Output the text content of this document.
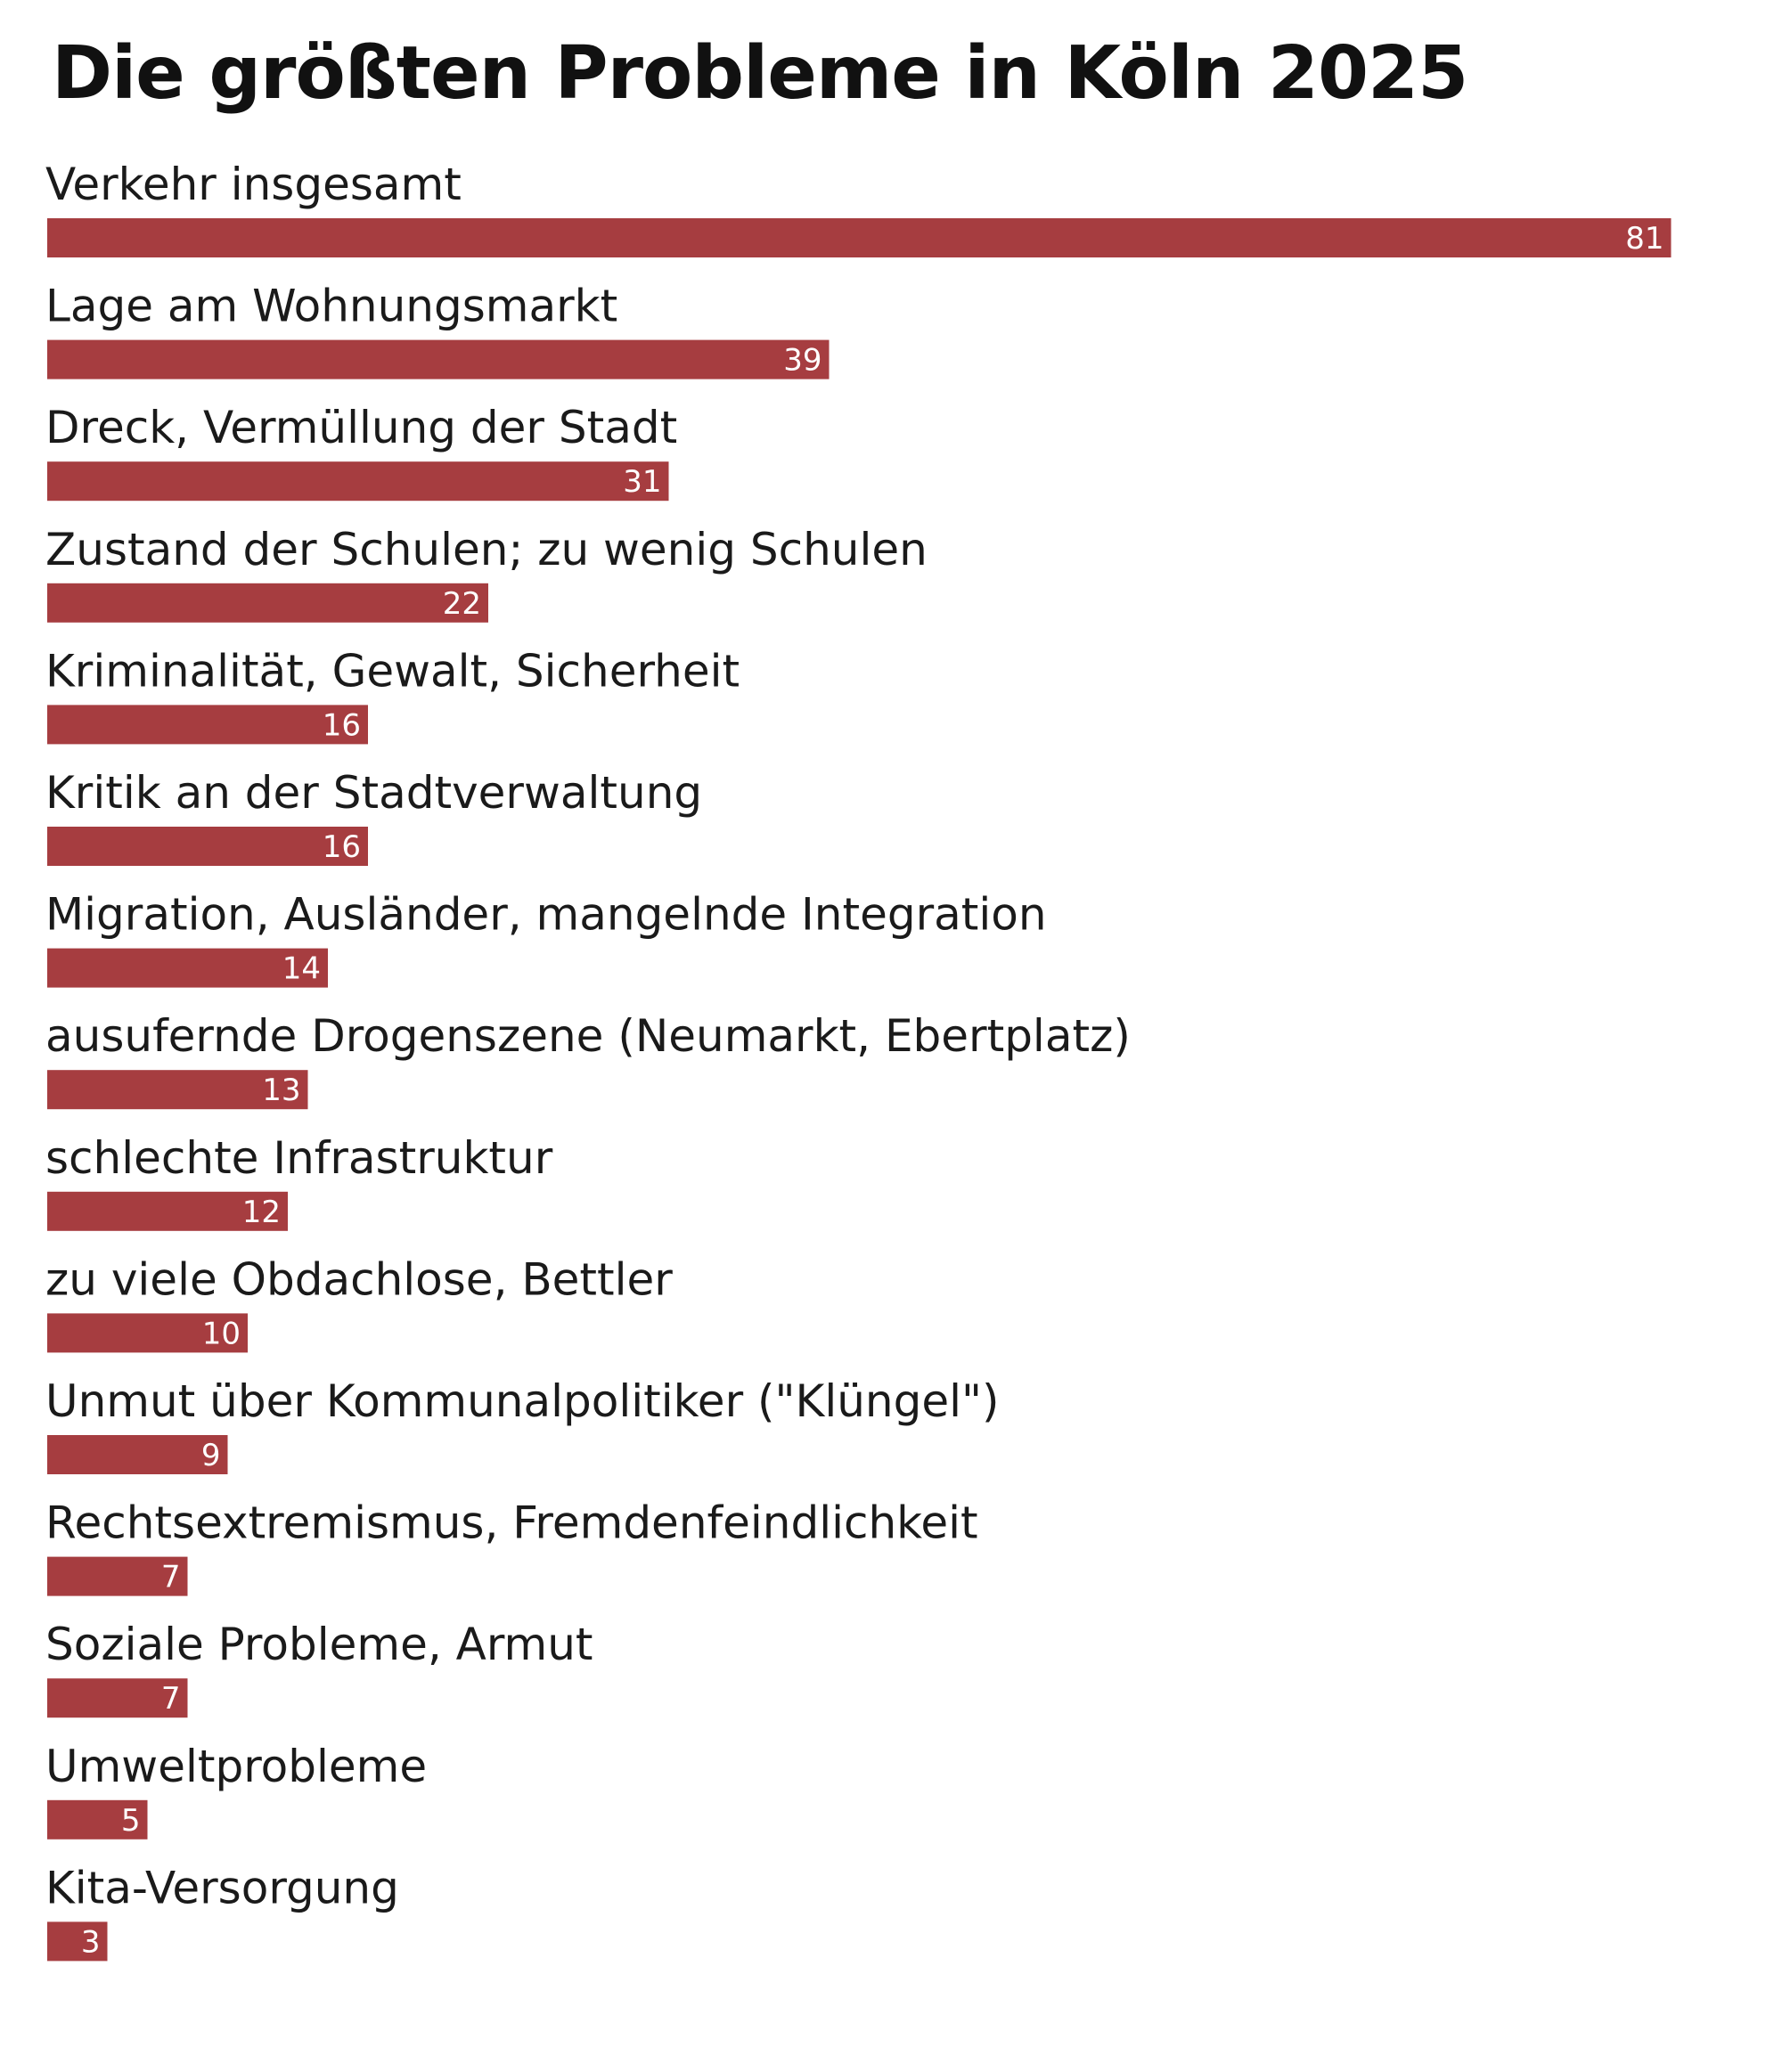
Die größten Probleme in Köln 2025
Verkehr insgesamt
81
Lage am Wohnungsmarkt
39
Dreck, Vermüllung der Stadt
31
Zustand der Schulen; zu wenig Schulen
22
Kriminalität, Gewalt, Sicherheit
16
Kritik an der Stadtverwaltung
16
Migration, Ausländer, mangelnde Integration
14
ausufernde Drogenszene (Neumarkt, Ebertplatz)
13
schlechte Infrastruktur
12
zu viele Obdachlose, Bettler
10
Unmut über Kommunalpolitiker ("Klüngel")
9
Rechtsextremismus, Fremdenfeindlichkeit
7
Soziale Probleme, Armut
7
Umweltprobleme
5
Kita-Versorgung
3
